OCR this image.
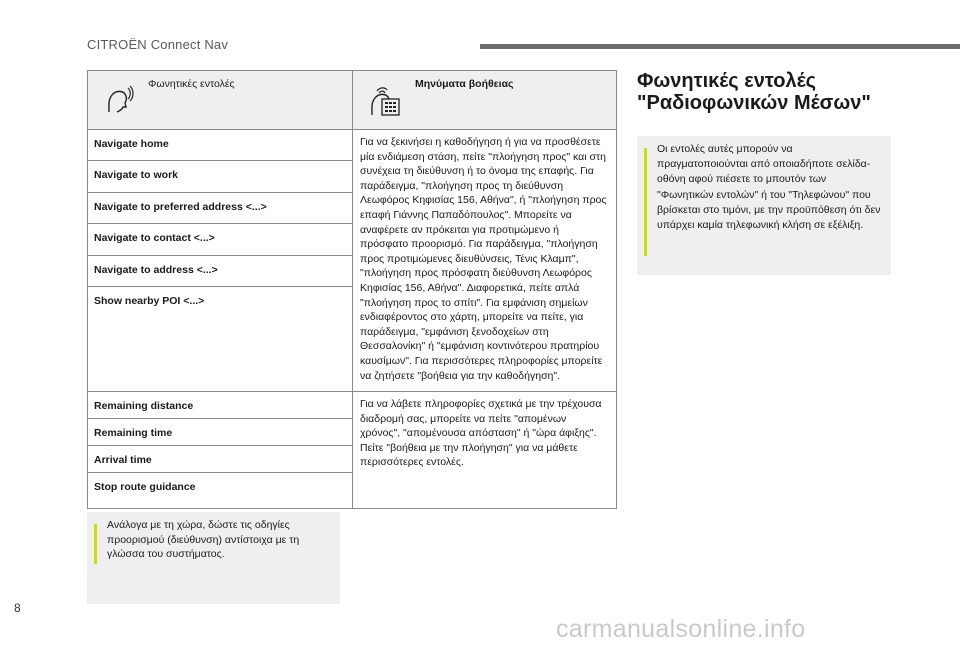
CITROËN Connect Nav
Φωνητικές εντολές	Μηνύματα βοήθειας

Navigate home	Για να ξεκινήσει η καθοδήγηση ή για να προσθέσετε μία ενδιάμεση στάση, πείτε "πλοήγηση προς" και στη συνέχεια τη διεύθυνση ή το όνομα της επαφής. Για παράδειγμα, "πλοήγηση προς τη διεύθυνση Λεωφόρος Κηφισίας 156, Αθήνα", ή "πλοήγηση προς επαφή Γιάννης Παπαδόπουλος". Μπορείτε να αναφέρετε αν πρόκειται για προτιμώμενο ή πρόσφατο προορισμό. Για παράδειγμα, "πλοήγηση προς προτιμώμενες διευθύνσεις, Τένις Κλαμπ", "πλοήγηση προς πρόσφατη διεύθυνση Λεωφόρος Κηφισίας 156, Αθήνα". Διαφορετικά, πείτε απλά "πλοήγηση προς το σπίτι". Για εμφάνιση σημείων ενδιαφέροντος στο χάρτη, μπορείτε να πείτε, για παράδειγμα, "εμφάνιση ξενοδοχείων στη Θεσσαλονίκη" ή "εμφάνιση κοντινότερου πρατηρίου καυσίμων". Για περισσότερες πληροφορίες μπορείτε να ζητήσετε "βοήθεια για την καθοδήγηση".
Navigate to work	
Navigate to preferred address <...>	
Navigate to contact <...>	
Navigate to address <...>	
Show nearby POI <...>	
Remaining distance	Για να λάβετε πληροφορίες σχετικά με την τρέχουσα διαδρομή σας, μπορείτε να πείτε "απομένων χρόνος", "απομένουσα απόσταση" ή "ώρα άφιξης". Πείτε "βοήθεια με την πλοήγηση" για να μάθετε περισσότερες εντολές.
Remaining time	
Arrival time	
Stop route guidance	
Ανάλογα με τη χώρα, δώστε τις οδηγίες προορισμού (διεύθυνση) αντίστοιχα με τη γλώσσα του συστήματος.
Φωνητικές εντολές "Ραδιοφωνικών Μέσων"
Οι εντολές αυτές μπορούν να πραγματοποιούνται από οποιαδήποτε σελίδα-οθόνη αφού πιέσετε το μπουτόν των "Φωνητικών εντολών" ή του "Τηλεφώνου" που βρίσκεται στο τιμόνι, με την προϋπόθεση ότι δεν υπάρχει καμία τηλεφωνική κλήση σε εξέλιξη.
8
carmanualsonline.info
